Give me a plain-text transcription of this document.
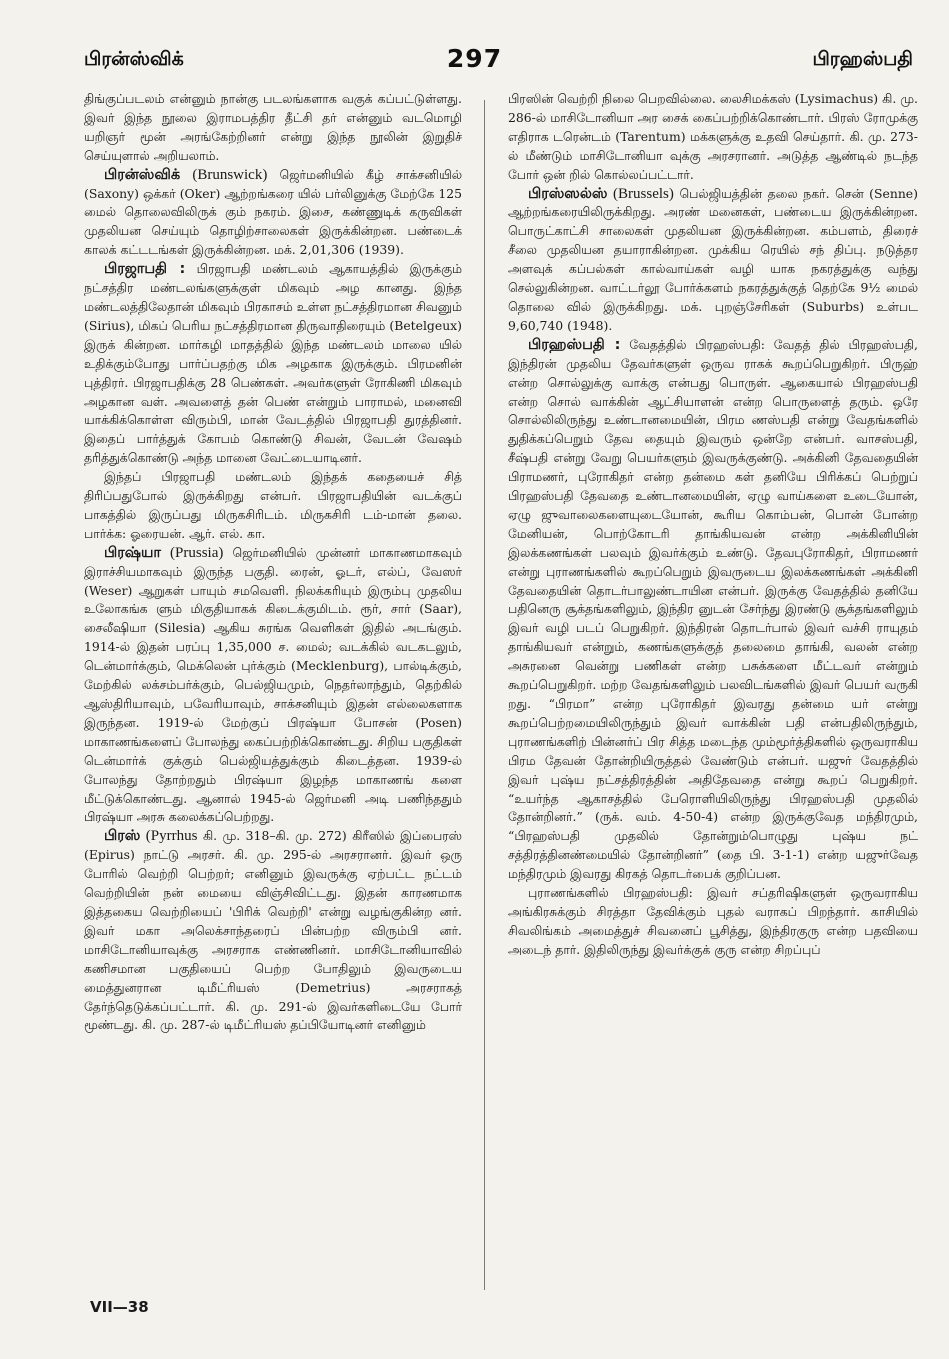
பிரன்ஸ்விக்	297	பிரஹஸ்பதி

திங்குப்படலம் என்னும் நான்கு படலங்களாக வகுக் கப்பட்டுள்ளது. இவர் இந்த நூலை இராமபத்திர தீட்சி தர் என்னும் வடமொழி யறிஞர் மூன் அரங்கேற்றினர் என்று இந்த நூலின் இறுதிச் செய்யுளால் அறியலாம்.

பிரன்ஸ்விக் (Brunswick) ஜெர்மனியில் கீழ் சாக்சனியில் (Saxony) ஒக்கர் (Oker) ஆற்றங்கரை யில் பர்லினுக்கு மேற்கே 125 மைல் தொலைவிலிருக் கும் நகரம். இசை, கண்ணுடிக் கருவிகள் முதலியன செய்யும் தொழிற்சாலைகள் இருக்கின்றன. பண்டைக் காலக் கட்டடங்கள் இருக்கின்றன. மக். 2,01,306 (1939).

பிரஜாபதி : பிரஜாபதி மண்டலம் ஆகாயத்தில் இருக்கும் நட்சத்திர மண்டலங்களுக்குள் மிகவும் அழ கானது. இந்த மண்டலத்திலேதான் மிகவும் பிரகாசம் உள்ள நட்சத்திரமான சிவனும் (Sirius), மிகப் பெரிய நட்சத்திரமான திருவாதிரையும் (Betelgeux) இருக் கின்றன. மார்கழி மாதத்தில் இந்த மண்டலம் மாலை யில் உதிக்கும்போது பார்ப்பதற்கு மிக அழகாக இருக்கும். பிரமனின் புத்திரர். பிரஜாபதிக்கு 28 பெண்கள். அவர்களுள் ரோகிணி மிகவும் அழகான வள். அவளைத் தன் பெண் என்றும் பாராமல், மனைவி யாக்கிக்கொள்ள விரும்பி, மான் வேடத்தில் பிரஜாபதி துரத்தினர். இதைப் பார்த்துக் கோபம் கொண்டு சிவன், வேடன் வேஷம் தரித்துக்கொண்டு அந்த மானை வேட்டையாடினர்.

இந்தப் பிரஜாபதி மண்டலம் இந்தக் கதையைச் சித் திரிப்பதுபோல் இருக்கிறது என்பர். பிரஜாபதியின் வடக்குப் பாகத்தில் இருப்பது மிருகசிரிடம். மிருகசிரி டம்-மான் தலை. பார்க்க: ஓரையன். ஆர். எல். கா.

பிரஷ்யா (Prussia) ஜெர்மனியில் முன்னர் மாகாணமாகவும் இராச்சியமாகவும் இருந்த பகுதி. ரைன், ஓடர், எல்ப், வேஸர் (Weser) ஆறுகள் பாயும் சமவெளி. நிலக்கரியும் இரும்பு முதலிய உலோகங்க ளும் மிகுதியாகக் கிடைக்குமிடம். ரூர், சார் (Saar), சைலீஷியா (Silesia) ஆகிய சுரங்க வெளிகள் இதில் அடங்கும். 1914-ல் இதன் பரப்பு 1,35,000 ச. மைல்; வடக்கில் வடகடலும், டென்மார்க்கும், மெக்லென் புர்க்கும் (Mecklenburg), பால்டிக்கும், மேற்கில் லக்சம்பர்க்கும், பெல்ஜியமும், நெதர்லாந்தும், தெற்கில் ஆஸ்திரியாவும், பவேரியாவும், சாக்சனியும் இதன் எல்லைகளாக இருந்தன. 1919-ல் மேற்குப் பிரஷ்யா போசன் (Posen) மாகாணங்களைப் போலந்து கைப்பற்றிக்கொண்டது. சிறிய பகுதிகள் டென்மார்க் குக்கும் பெல்ஜியத்துக்கும் கிடைத்தன. 1939-ல் போலந்து தோற்றதும் பிரஷ்யா இழந்த மாகாணங் களை மீட்டுக்கொண்டது. ஆனால் 1945-ல் ஜெர்மனி அடி பணிந்ததும் பிரஷ்யா அரசு கலைக்கப்பெற்றது.

பிரஸ் (Pyrrhus கி. மு. 318–கி. மு. 272) கிரீஸில் இப்பைரஸ் (Epirus) நாட்டு அரசர். கி. மு. 295-ல் அரசரானர். இவர் ஒரு போரில் வெற்றி பெற்றர்; எனினும் இவருக்கு ஏற்பட்ட நட்டம் வெற்றியின் நன் மையை விஞ்சிவிட்டது. இதன் காரணமாக இத்தகைய வெற்றியைப் 'பிரிக் வெற்றி' என்று வழங்குகின்ற னர். இவர் மகா அலெக்சாந்தரைப் பின்பற்ற விரும்பி னர். மாசிடோனியாவுக்கு அரசராக எண்ணினர். மாசிடோனியாவில் கணிசமான பகுதியைப் பெற்ற போதிலும் இவருடைய மைத்துனரான டிமீட்ரியஸ் (Demetrius) அரசராகத் தேர்ந்தெடுக்கப்பட்டார். கி. மு. 291-ல் இவர்களிடையே போர் மூண்டது. கி. மு. 287-ல் டிமீட்ரியஸ் தப்பியோடினர் எனினும்

பிரஸின் வெற்றி நிலை பெறவில்லை. லைசிமக்கஸ் (Lysimachus) கி. மு. 286-ல் மாசிடோனியா அர சைக் கைப்பற்றிக்கொண்டார். பிரஸ் ரோமுக்கு எதிராக டரென்டம் (Tarentum) மக்களுக்கு உதவி செய்தார். கி. மு. 273-ல் மீண்டும் மாசிடோனியா வுக்கு அரசரானர். அடுத்த ஆண்டில் நடந்த போர் ஒன் றில் கொல்லப்பட்டார்.

பிரஸ்ஸல்ஸ் (Brussels) பெல்ஜியத்தின் தலை நகர். சென் (Senne) ஆற்றங்கரையிலிருக்கிறது. அரண் மனைகள், பண்டைய இருக்கின்றன. பொருட்காட்சி சாலைகள் முதலியன இருக்கின்றன. கம்பளம், திரைச் சீலை முதலியன தயாராகின்றன. முக்கிய ரெயில் சந் திப்பு. நடுத்தர அளவுக் கப்பல்கள் கால்வாய்கள் வழி யாக நகரத்துக்கு வந்து செல்லுகின்றன. வாட்டர்லூ போர்க்களம் நகரத்துக்குத் தெற்கே 9½ மைல் தொலை வில் இருக்கிறது. மக். புறஞ்சேரிகள் (Suburbs) உள்பட 9,60,740 (1948).

பிரஹஸ்பதி : வேதத்தில் பிரஹஸ்பதி: வேதத் தில் பிரஹஸ்பதி, இந்திரன் முதலிய தேவர்களுள் ஒருவ ராகக் கூறப்பெறுகிறர். பிருஹ் என்ற சொல்லுக்கு வாக்கு என்பது பொருள். ஆகையால் பிரஹஸ்பதி என்ற சொல் வாக்கின் ஆட்சியாளன் என்ற பொருளைத் தரும். ஒரே சொல்லிலிருந்து உண்டானமையின், பிரம ணஸ்பதி என்று வேதங்களில் துதிக்கப்பெறும் தேவ தையும் இவரும் ஒன்றே என்பர். வாசஸ்பதி, சீஷ்பதி என்று வேறு பெயர்களும் இவருக்குண்டு. அக்கினி தேவதையின் பிராமணர், புரோகிதர் என்ற தன்மை கள் தனியே பிரிக்கப் பெற்றுப் பிரஹஸ்பதி தேவதை உண்டானமையின், ஏழு வாய்களை உடையோன், ஏழு ஜுவாலைகளையுடையோன், கூரிய கொம்பன், பொன் போன்ற மேனியன், பொற்கோடரி தாங்கியவன் என்ற அக்கினியின் இலக்கணங்கள் பலவும் இவர்க்கும் உண்டு. தேவபுரோகிதர், பிராமணர் என்று புராணங்களில் கூறப்பெறும் இவருடைய இலக்கணங்கள் அக்கினி தேவதையின் தொடர்பாலுண்டாயின என்பர். இருக்கு வேதத்தில் தனியே பதினெரு சூக்தங்களிலும், இந்திர னுடன் சேர்ந்து இரண்டு சூக்தங்களிலும் இவர் வழி படப் பெறுகிறர். இந்திரன் தொடர்பால் இவர் வச்சி ராயுதம் தாங்கியவர் என்றும், கணங்களுக்குத் தலைமை தாங்கி, வலன் என்ற அசுரனை வென்று பணிகள் என்ற பசுக்களை மீட்டவர் என்றும் கூறப்பெறுகிறர். மற்ற வேதங்களிலும் பலவிடங்களில் இவர் பெயர் வருகி றது. “பிரமா” என்ற புரோகிதர் இவரது தன்மை யர் என்று கூறப்பெற்றமையிலிருந்தும் இவர் வாக்கின் பதி என்பதிலிருந்தும், புராணங்களிற் பின்னர்ப் பிர சித்த மடைந்த மும்மூர்த்திகளில் ஒருவராகிய பிரம தேவன் தோன்றியிருத்தல் வேண்டும் என்பர். யஜுர் வேதத்தில் இவர் புஷ்ய நட்சத்திரத்தின் அதிதேவதை என்று கூறப் பெறுகிறர். “உயர்ந்த ஆகாசத்தில் பேரொளியிலிருந்து பிரஹஸ்பதி முதலில் தோன்றினர்.” (ருக். வம். 4-50-4) என்ற இருக்குவேத மந்திரமும், “பிரஹஸ்பதி முதலில் தோன்றும்பொழுது புஷ்ய நட் சத்திரத்தினண்மையில் தோன்றினர்” (தை பி. 3-1-1) என்ற யஜுர்வேத மந்திரமும் இவரது கிரகத் தொடர்பைக் குறிப்பன.

புராணங்களில் பிரஹஸ்பதி: இவர் சப்தரிஷிகளுள் ஒருவராகிய அங்கிரசுக்கும் சிரத்தா தேவிக்கும் புதல் வராகப் பிறந்தார். காசியில் சிவலிங்கம் அமைத்துச் சிவனைப் பூசித்து, இந்திரகுரு என்ற பதவியை அடைந் தார். இதிலிருந்து இவர்க்குக் குரு என்ற சிறப்புப்

VII—38
